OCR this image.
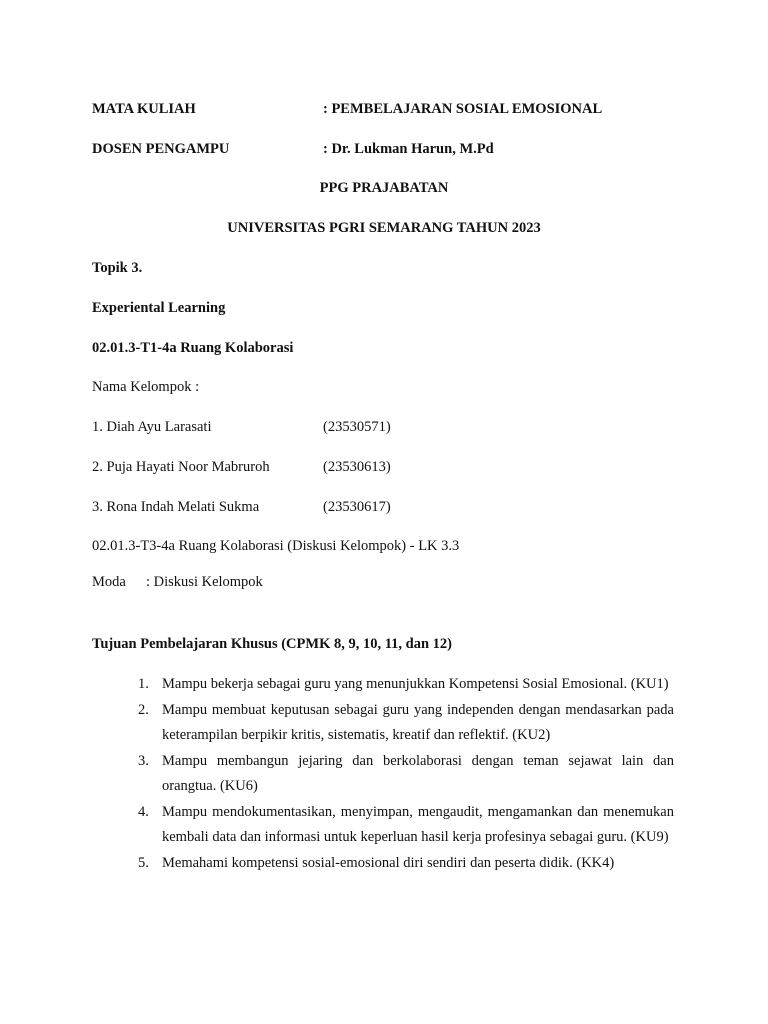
MATA KULIAH	: PEMBELAJARAN SOSIAL EMOSIONAL
DOSEN PENGAMPU	: Dr. Lukman Harun, M.Pd
PPG PRAJABATAN
UNIVERSITAS PGRI SEMARANG TAHUN 2023
Topik 3.
Experiental Learning
02.01.3-T1-4a Ruang Kolaborasi
Nama Kelompok :
1. Diah Ayu Larasati	(23530571)
2. Puja Hayati Noor Mabruroh	(23530613)
3. Rona Indah Melati Sukma	(23530617)
02.01.3-T3-4a Ruang Kolaborasi (Diskusi Kelompok) - LK 3.3
Moda : Diskusi Kelompok
Tujuan Pembelajaran Khusus (CPMK 8, 9, 10, 11, dan 12)
1. Mampu bekerja sebagai guru yang menunjukkan Kompetensi Sosial Emosional. (KU1)
2. Mampu membuat keputusan sebagai guru yang independen dengan mendasarkan pada keterampilan berpikir kritis, sistematis, kreatif dan reflektif. (KU2)
3. Mampu membangun jejaring dan berkolaborasi dengan teman sejawat lain dan orangtua. (KU6)
4. Mampu mendokumentasikan, menyimpan, mengaudit, mengamankan dan menemukan kembali data dan informasi untuk keperluan hasil kerja profesinya sebagai guru. (KU9)
5. Memahami kompetensi sosial-emosional diri sendiri dan peserta didik. (KK4)
